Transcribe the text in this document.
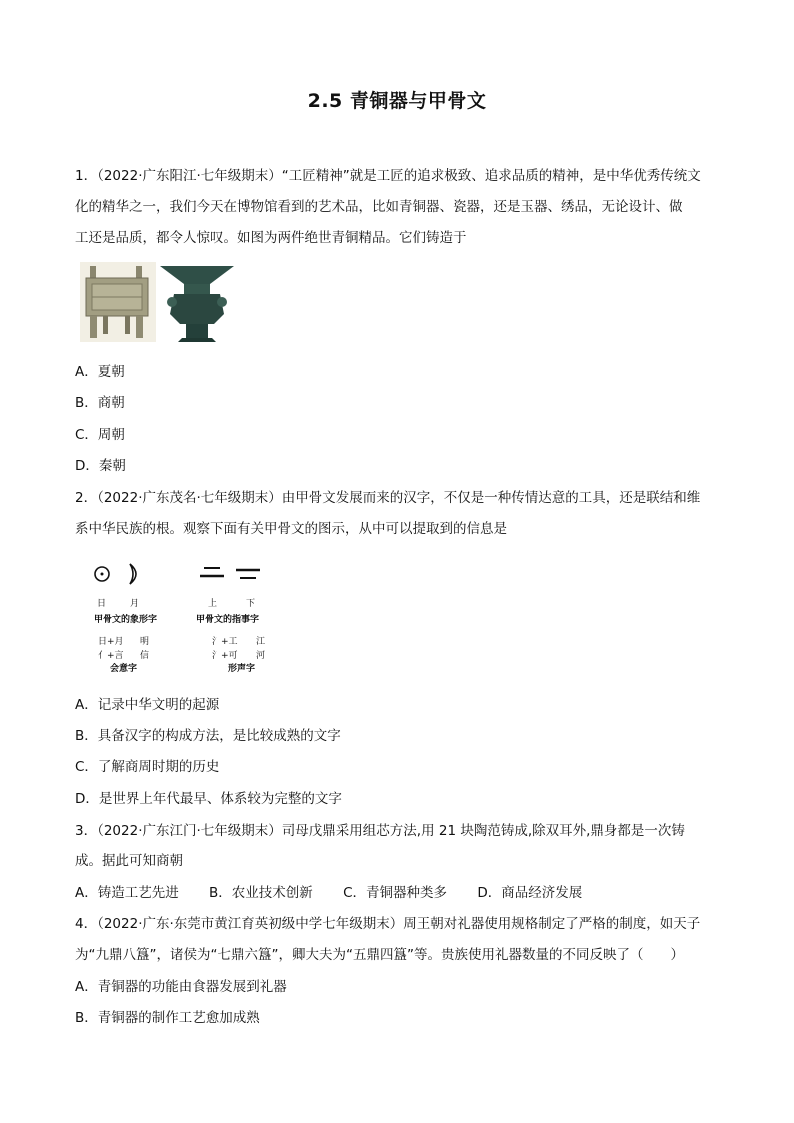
2.5 青铜器与甲骨文
1．（2022·广东阳江·七年级期末）“工匠精神”就是工匠的追求极致、追求品质的精神，是中华优秀传统文
化的精华之一，我们今天在博物馆看到的艺术品，比如青铜器、瓷器，还是玉器、绣品，无论设计、做
工还是品质，都令人惊叹。如图为两件绝世青铜精品。它们铸造于
A．夏朝
B．商朝
C．周朝
D．秦朝
2．（2022·广东茂名·七年级期末）由甲骨文发展而来的汉字，不仅是一种传情达意的工具，还是联结和维
系中华民族的根。观察下面有关甲骨文的图示，从中可以提取到的信息是
日	月	上	下
甲骨文的象形字	甲骨文的指事字
日+月 明
亻+言 信
会意字
氵+工 江
氵+可 河
形声字
A．记录中华文明的起源
B．具备汉字的构成方法，是比较成熟的文字
C．了解商周时期的历史
D．是世界上年代最早、体系较为完整的文字
3．（2022·广东江门·七年级期末）司母戊鼎采用组芯方法,用 21 块陶范铸成,除双耳外,鼎身都是一次铸
成。据此可知商朝
A．铸造工艺先进 B．农业技术创新 C．青铜器种类多 D．商品经济发展
4．（2022·广东·东莞市黄江育英初级中学七年级期末）周王朝对礼器使用规格制定了严格的制度，如天子
为“九鼎八簋”，诸侯为“七鼎六簋”，卿大夫为“五鼎四簋”等。贵族使用礼器数量的不同反映了（　　）
A．青铜器的功能由食器发展到礼器
B．青铜器的制作工艺愈加成熟
